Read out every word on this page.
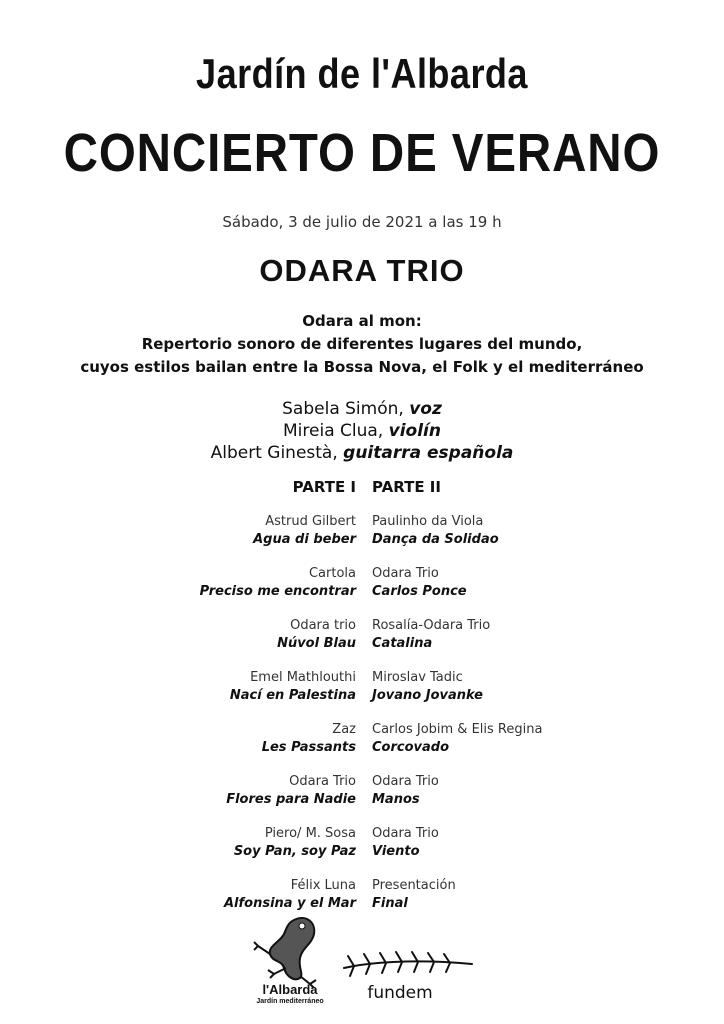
Jardín de l'Albarda
CONCIERTO DE VERANO
Sábado, 3 de julio de 2021 a las 19 h
ODARA TRIO
Odara al mon:
Repertorio sonoro de diferentes lugares del mundo,
cuyos estilos bailan entre la Bossa Nova, el Folk y el mediterráneo
Sabela Simón, voz
Mireia Clua, violín
Albert Ginestà, guitarra española
PARTE I PARTE II
Astrud Gilbert
Agua di beber
Paulinho da Viola
Dança da Solidao
Cartola
Preciso me encontrar
Odara Trio
Carlos Ponce
Odara trio
Núvol Blau
Rosalía-Odara Trio
Catalina
Emel Mathlouthi
Nací en Palestina
Miroslav Tadic
Jovano Jovanke
Zaz
Les Passants
Carlos Jobim & Elis Regina
Corcovado
Odara Trio
Flores para Nadie
Odara Trio
Manos
Piero/ M. Sosa
Soy Pan, soy Paz
Odara Trio
Viento
Félix Luna
Alfonsina y el Mar
Presentación
Final
l'Albarda
Jardín mediterráneo	fundem
